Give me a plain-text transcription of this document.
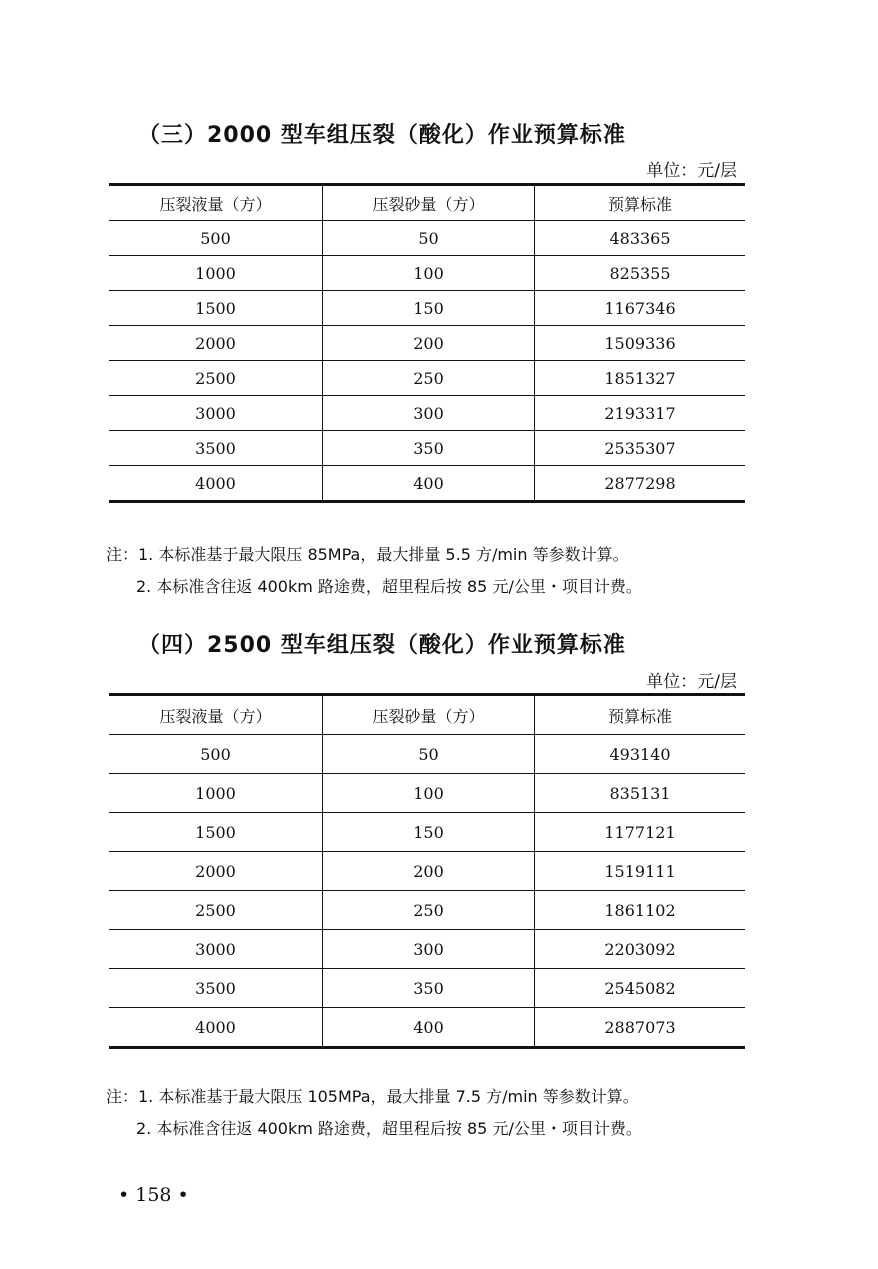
（三）2000 型车组压裂（酸化）作业预算标准
单位：元/层
压裂液量（方）	压裂砂量（方）	预算标准
500	50	483365
1000	100	825355
1500	150	1167346
2000	200	1509336
2500	250	1851327
3000	300	2193317
3500	350	2535307
4000	400	2877298
注：1. 本标准基于最大限压 85MPa，最大排量 5.5 方/min 等参数计算。
2. 本标准含往返 400km 路途费，超里程后按 85 元/公里・项目计费。
（四）2500 型车组压裂（酸化）作业预算标准
单位：元/层
压裂液量（方）	压裂砂量（方）	预算标准
500	50	493140
1000	100	835131
1500	150	1177121
2000	200	1519111
2500	250	1861102
3000	300	2203092
3500	350	2545082
4000	400	2887073
注：1. 本标准基于最大限压 105MPa，最大排量 7.5 方/min 等参数计算。
2. 本标准含往返 400km 路途费，超里程后按 85 元/公里・项目计费。
• 158 •
